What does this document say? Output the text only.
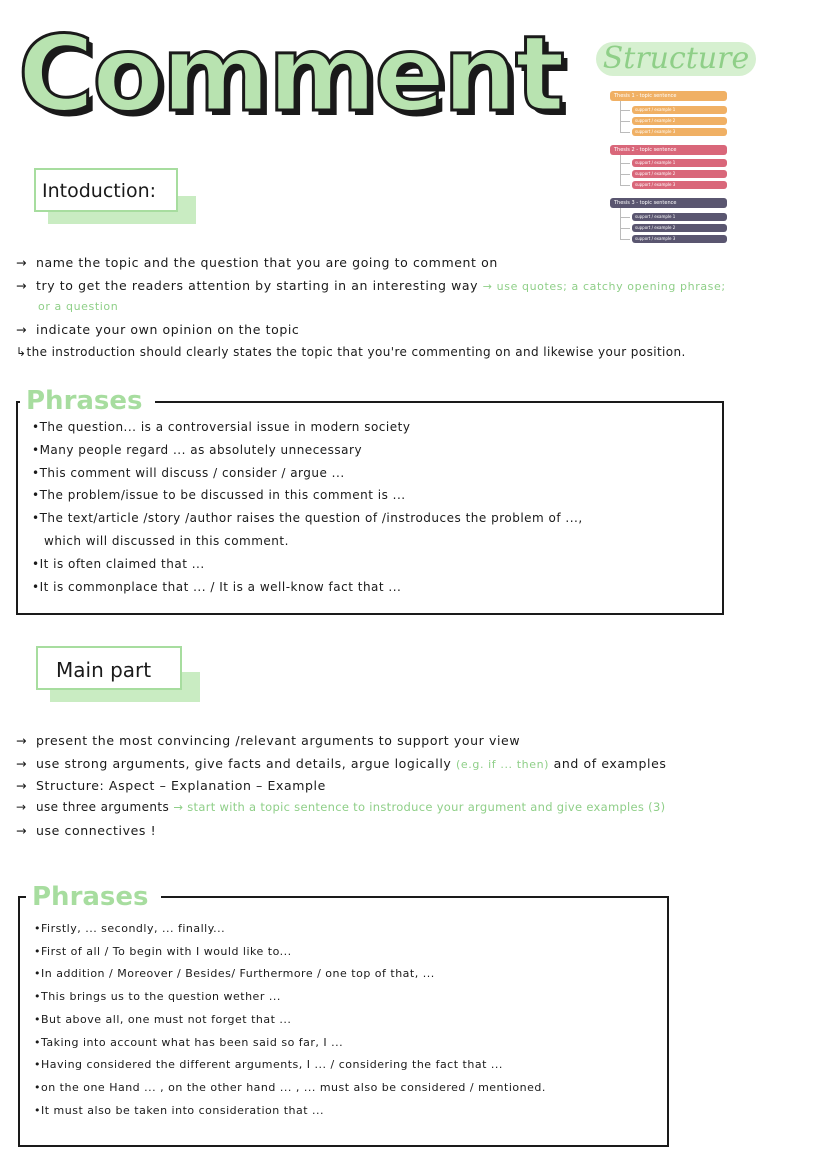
Comment Structure
Thesis 1 - topic sentence
support / example 1
support / example 2
support / example 3
Thesis 2 - topic sentence
support / example 1
support / example 2
support / example 3
Thesis 3 - topic sentence
support / example 1
support / example 2
support / example 3
Intoduction:
→ name the topic and the question that you are going to comment on
→ try to get the readers attention by starting in an interesting way → use quotes; a catchy opening phrase;
or a question
→ indicate your own opinion on the topic
↳the instroduction should clearly states the topic that you're commenting on and likewise your position.
Phrases
•The question... is a controversial issue in modern society
•Many people regard ... as absolutely unnecessary
•This comment will discuss / consider / argue ...
•The problem/issue to be discussed in this comment is ...
•The text/article /story /author raises the question of /instroduces the problem of ...,
which will discussed in this comment.
•It is often claimed that ...
•It is commonplace that ... / It is a well-know fact that ...
Main part
→ present the most convincing /relevant arguments to support your view
→ use strong arguments, give facts and details, argue logically (e.g. if ... then) and of examples
→ Structure: Aspect – Explanation – Example
→ use three arguments → start with a topic sentence to instroduce your argument and give examples (3)
→ use connectives !
Phrases
•Firstly, ... secondly, ... finally...
•First of all / To begin with I would like to...
•In addition / Moreover / Besides/ Furthermore / one top of that, ...
•This brings us to the question wether ...
•But above all, one must not forget that ...
•Taking into account what has been said so far, I ...
•Having considered the different arguments, I ... / considering the fact that ...
•on the one Hand ... , on the other hand ... , ... must also be considered / mentioned.
•It must also be taken into consideration that ...
